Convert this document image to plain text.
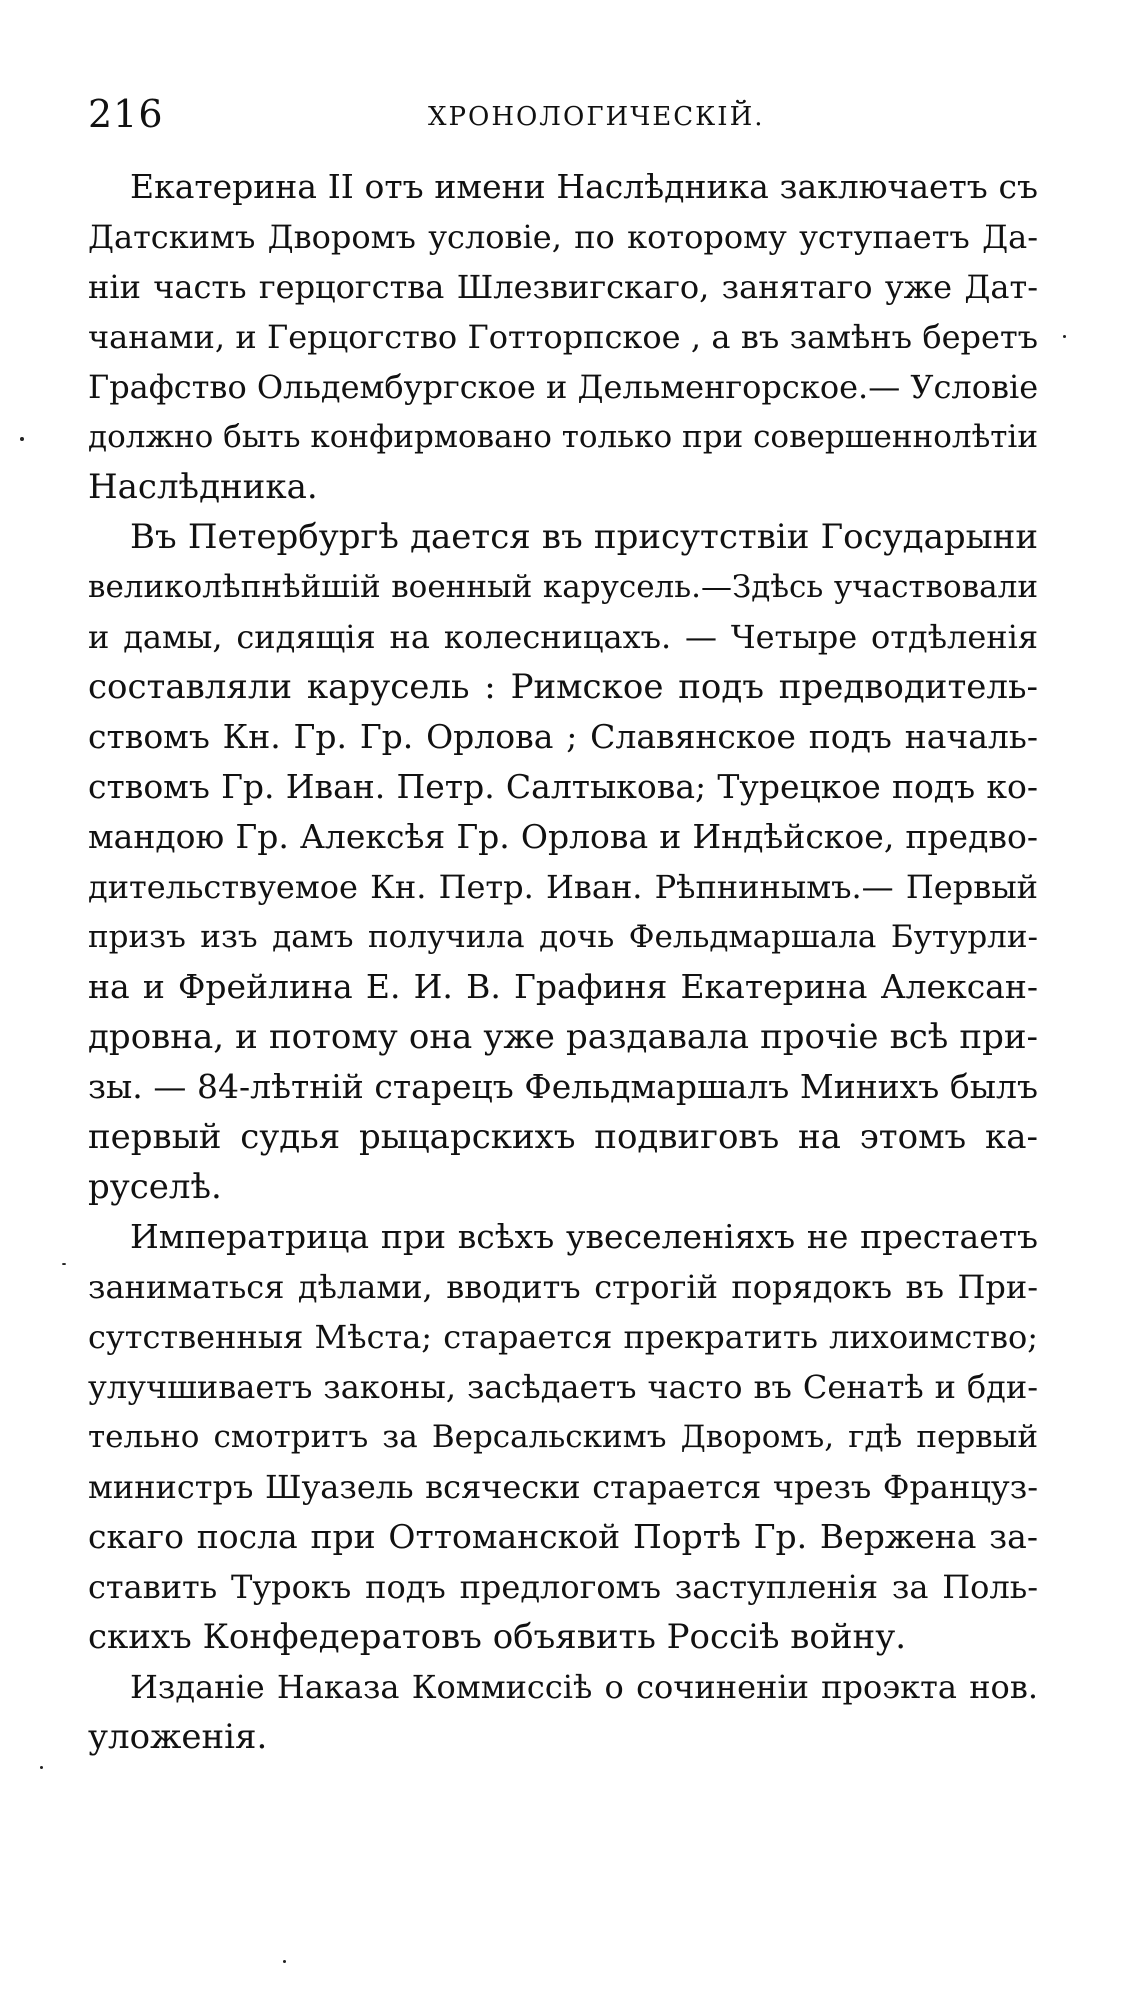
216	ХРОНОЛОГИЧЕСКІЙ.
Екатерина II отъ имени Наслѣдника заключаетъ съ
Датскимъ Дворомъ условіе, по которому уступаетъ Да-
ніи часть герцогства Шлезвигскаго, занятаго уже Дат-
чанами, и Герцогство Готторпское , а въ замѣнъ беретъ
Графство Ольдембургское и Дельменгорское.— Условіе
должно быть конфирмовано только при совершеннолѣтіи
Наслѣдника.
Въ Петербургѣ дается въ присутствіи Государыни
великолѣпнѣйшій военный карусель.—Здѣсь участвовали
и дамы, сидящія на колесницахъ. — Четыре отдѣленія
составляли карусель : Римское подъ предводитель-
ствомъ Кн. Гр. Гр. Орлова ; Славянское подъ началь-
ствомъ Гр. Иван. Петр. Салтыкова; Турецкое подъ ко-
мандою Гр. Алексѣя Гр. Орлова и Индѣйское, предво-
дительствуемое Кн. Петр. Иван. Рѣпнинымъ.— Первый
призъ изъ дамъ получила дочь Фельдмаршала Бутурли-
на и Фрейлина Е. И. В. Графиня Екатерина Алексан-
дровна, и потому она уже раздавала прочіе всѣ при-
зы. — 84-лѣтній старецъ Фельдмаршалъ Минихъ былъ
первый судья рыцарскихъ подвиговъ на этомъ ка-
руселѣ.
Императрица при всѣхъ увеселеніяхъ не престаетъ
заниматься дѣлами, вводитъ строгій порядокъ въ При-
сутственныя Мѣста; старается прекратить лихоимство;
улучшиваетъ законы, засѣдаетъ часто въ Сенатѣ и бди-
тельно смотритъ за Версальскимъ Дворомъ, гдѣ первый
министръ Шуазель всячески старается чрезъ Француз-
скаго посла при Оттоманской Портѣ Гр. Вержена за-
ставить Турокъ подъ предлогомъ заступленія за Поль-
скихъ Конфедератовъ объявить Россіѣ войну.
Изданіе Наказа Коммиссіѣ о сочиненіи проэкта нов.
уложенія.
